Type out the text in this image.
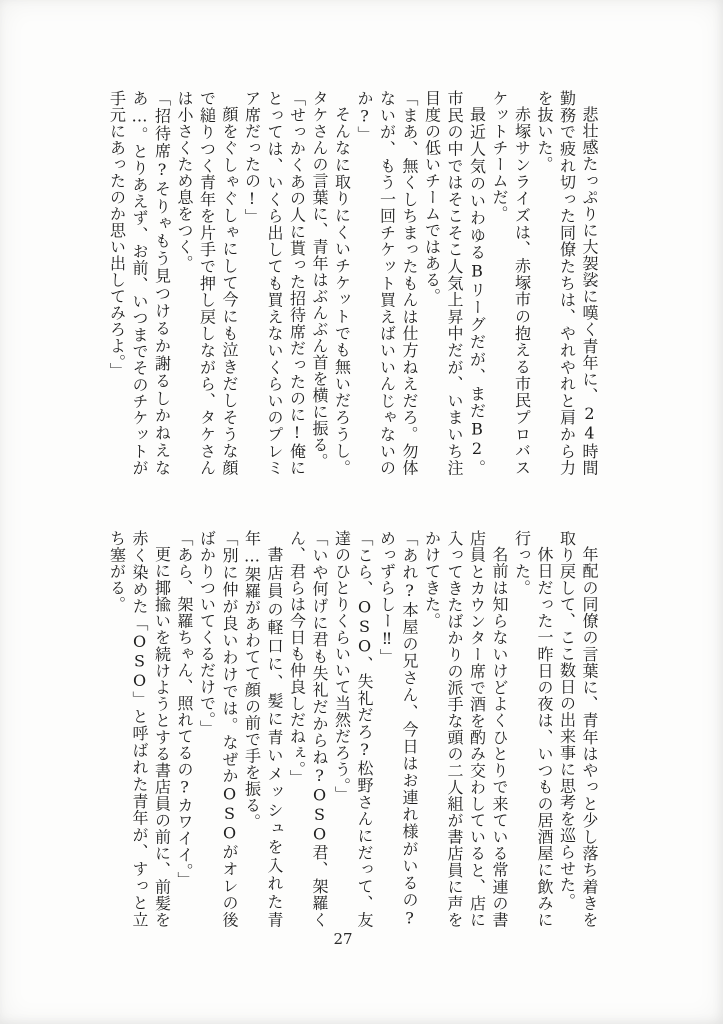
悲壮感たっぷりに大袈裟に嘆く青年に、24時間勤務で疲れ切った同僚たちは、やれやれと肩から力を抜いた。

赤塚サンライズは、赤塚市の抱える市民プロバスケットチームだ。

最近人気のいわゆるBリーグだが、まだB2。市民の中ではそこそこ人気上昇中だが、いまいち注目度の低いチームではある。

「まあ、無くしちまったもんは仕方ねえだろ。勿体ないが、もう一回チケット買えばいいんじゃないのか?」

そんなに取りにくいチケットでも無いだろうし。タケさんの言葉に、青年はぶんぶん首を横に振る。

「せっかくあの人に貰った招待席だったのに!俺にとっては、いくら出しても買えないくらいのプレミア席だったの!」

顔をぐしゃぐしゃにして今にも泣きだしそうな顔で縋りつく青年を片手で押し戻しながら、タケさんは小さくため息をつく。

「招待席?そりゃもう見つけるか謝るしかねえなあ…。とりあえず、お前、いつまでそのチケットが手元にあったのか思い出してみろよ。」

年配の同僚の言葉に、青年はやっと少し落ち着きを取り戻して、ここ数日の出来事に思考を巡らせた。

休日だった一昨日の夜は、いつもの居酒屋に飲みに行った。

名前は知らないけどよくひとりで来ている常連の書店員とカウンター席で酒を酌み交わしていると、店に入ってきたばかりの派手な頭の二人組が書店員に声をかけてきた。

「あれ?本屋の兄さん、今日はお連れ様がいるの?めっずらしー‼」

「こら、OSO、失礼だろ?松野さんにだって、友達のひとりくらいいて当然だろう。」

「いや何げに君も失礼だからね?OSO君、架羅くん、君らは今日も仲良しだねぇ。」

書店員の軽口に、髪に青いメッシュを入れた青年…架羅があわてて顔の前で手を振る。

「別に仲が良いわけでは。なぜかOSOがオレの後ばかりついてくるだけで。」

「あら、架羅ちゃん、照れてるの?カワイイ。」

更に揶揄いを続けようとする書店員の前に、前髪を赤く染めた「OSO」と呼ばれた青年が、すっと立ち塞がる。

27
